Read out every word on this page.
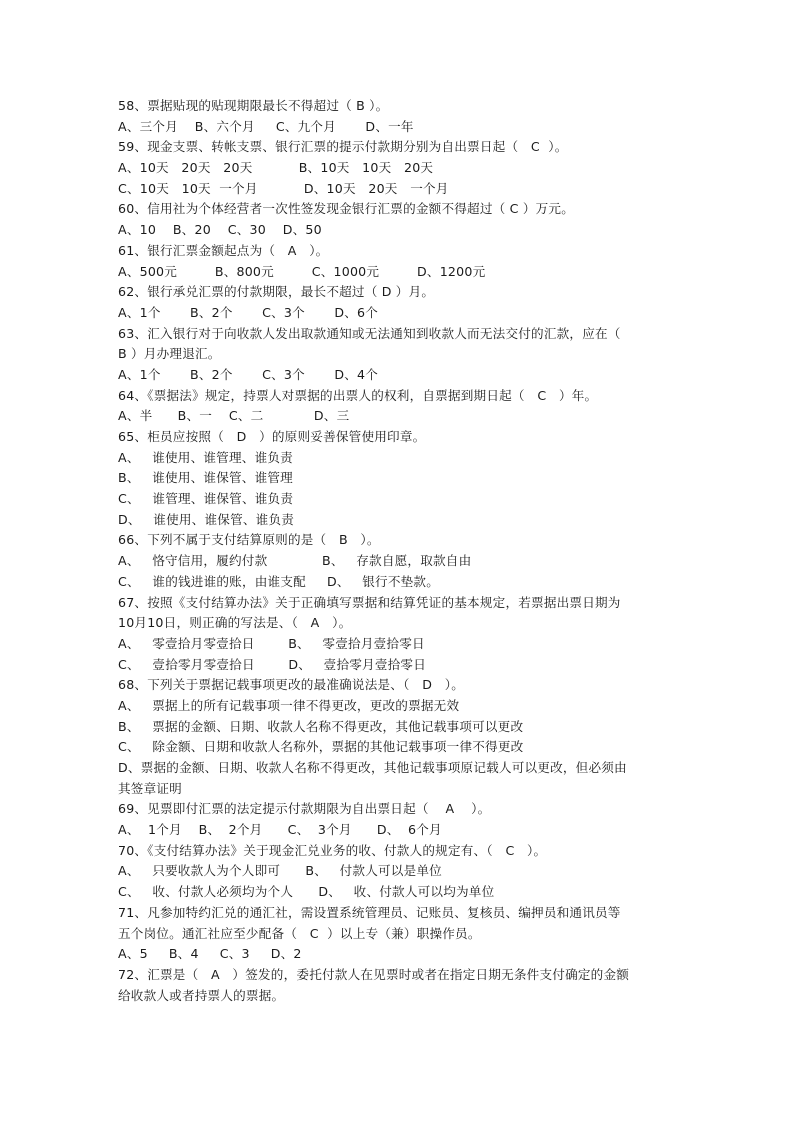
58、票据贴现的贴现期限最长不得超过（ B ）。
A、三个月    B、六个月     C、九个月       D、一年
59、现金支票、转帐支票、银行汇票的提示付款期分别为自出票日起（   C  ）。
A、10天   20天   20天           B、10天   10天   20天
C、10天   10天  一个月           D、10天   20天   一个月
60、信用社为个体经营者一次性签发现金银行汇票的金额不得超过（ C ）万元。
A、10    B、20    C、30    D、50
61、银行汇票金额起点为（   A   ）。
A、500元         B、800元         C、1000元         D、1200元
62、银行承兑汇票的付款期限，最长不超过（ D ）月。
A、1个       B、2个       C、3个       D、6个
63、汇入银行对于向收款人发出取款通知或无法通知到收款人而无法交付的汇款，应在（
B ）月办理退汇。
A、1个       B、2个       C、3个       D、4个
64、《票据法》规定，持票人对票据的出票人的权利，自票据到期日起（   C   ）年。
A、半      B、一    C、二            D、三
65、柜员应按照（   D   ）的原则妥善保管使用印章。
A、   谁使用、谁管理、谁负责
B、   谁使用、谁保管、谁管理
C、   谁管理、谁保管、谁负责
D、   谁使用、谁保管、谁负责
66、下列不属于支付结算原则的是（   B   ）。
A、   恪守信用，履约付款             B、   存款自愿，取款自由
C、   谁的钱进谁的账，由谁支配     D、   银行不垫款。
67、按照《支付结算办法》关于正确填写票据和结算凭证的基本规定，若票据出票日期为
10月10日，则正确的写法是、（   A   ）。
A、   零壹拾月零壹拾日        B、   零壹拾月壹拾零日
C、   壹拾零月零壹拾日        D、   壹拾零月壹拾零日
68、下列关于票据记载事项更改的最准确说法是、（   D   ）。
A、   票据上的所有记载事项一律不得更改，更改的票据无效
B、   票据的金额、日期、收款人名称不得更改，其他记载事项可以更改
C、   除金额、日期和收款人名称外，票据的其他记载事项一律不得更改
D、票据的金额、日期、收款人名称不得更改，其他记载事项原记载人可以更改，但必须由
其签章证明
69、见票即付汇票的法定提示付款期限为自出票日起（    A    ）。
A、  1个月    B、  2个月      C、  3个月      D、  6个月
70、《支付结算办法》关于现金汇兑业务的收、付款人的规定有、（   C   ）。
A、   只要收款人为个人即可      B、   付款人可以是单位
C、   收、付款人必须均为个人      D、   收、付款人可以均为单位
71、凡参加特约汇兑的通汇社，需设置系统管理员、记账员、复核员、编押员和通讯员等
五个岗位。通汇社应至少配备（   C  ）以上专（兼）职操作员。
A、5     B、4     C、3     D、2
72、汇票是（   A   ）签发的，委托付款人在见票时或者在指定日期无条件支付确定的金额
给收款人或者持票人的票据。
